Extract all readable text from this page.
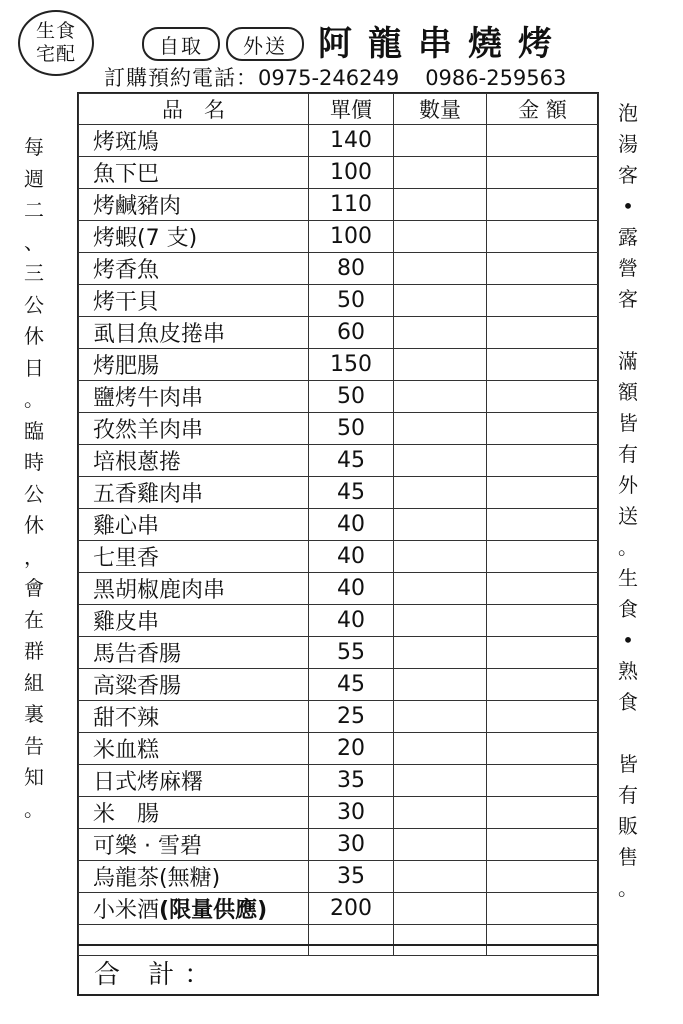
生食
宅配	自取	外送 阿龍串燒烤
訂購預約電話：0975-246249 0986-259563
每
週
二
、
三
公
休
日
。
臨
時
公
休
，
會
在
群
組
裏
告
知
。
泡
湯
客
•
露
營
客
滿
額
皆
有
外
送
。
生
食
•
熟
食
皆
有
販
售
。
品　名	單價	數量	金 額
烤斑鳩	140		
魚下巴	100		
烤鹹豬肉	110		
烤蝦(7 支)	100		
烤香魚	80		
烤干貝	50		
虱目魚皮捲串	60		
烤肥腸	150		
鹽烤牛肉串	50		
孜然羊肉串	50		
培根蔥捲	45		
五香雞肉串	45		
雞心串	40		
七里香	40		
黑胡椒鹿肉串	40		
雞皮串	40		
馬告香腸	55		
高粱香腸	45		
甜不辣	25		
米血糕	20		
日式烤麻糬	35		
米　腸	30		
可樂 · 雪碧	30		
烏龍茶(無糖)	35		
小米酒(限量供應)	200		

合 計：
